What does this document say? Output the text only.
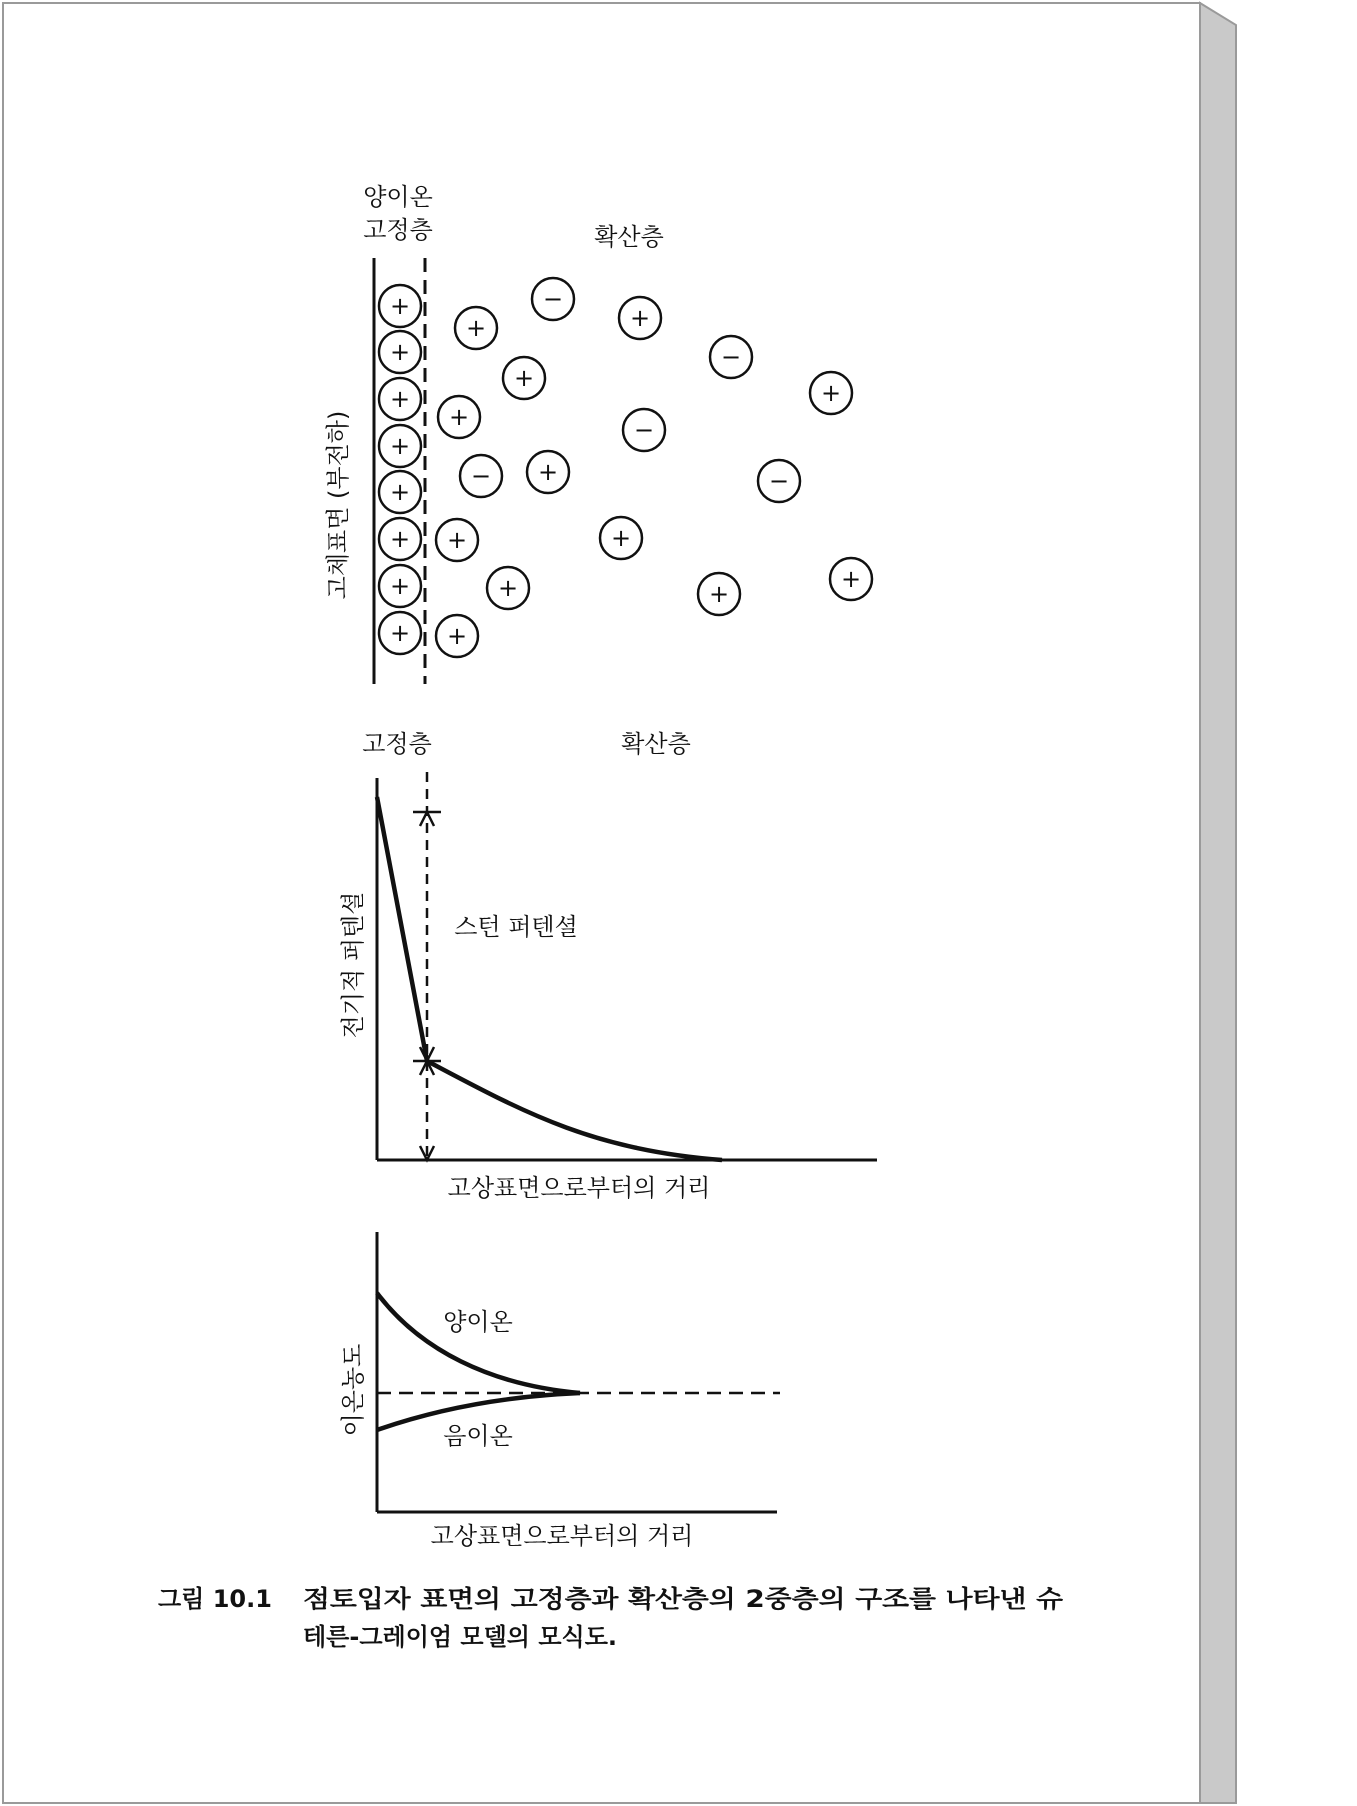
양이온
고정층	확산층
고체표면 (부전하)
+
+
+
+
+
+
+
+
+
+
+
+
+
+
+
+
+
+
+
+
−
−
−
−	−
고정층	확산층
전기적 퍼텐셜
고상표면으로부터의 거리
스턴 퍼텐셜
이온농도
고상표면으로부터의 거리
양이온
음이온
그림 10.1 점토입자 표면의 고정층과 확산층의 2중층의 구조를 나타낸 슈
테른-그레이엄 모델의 모식도.
